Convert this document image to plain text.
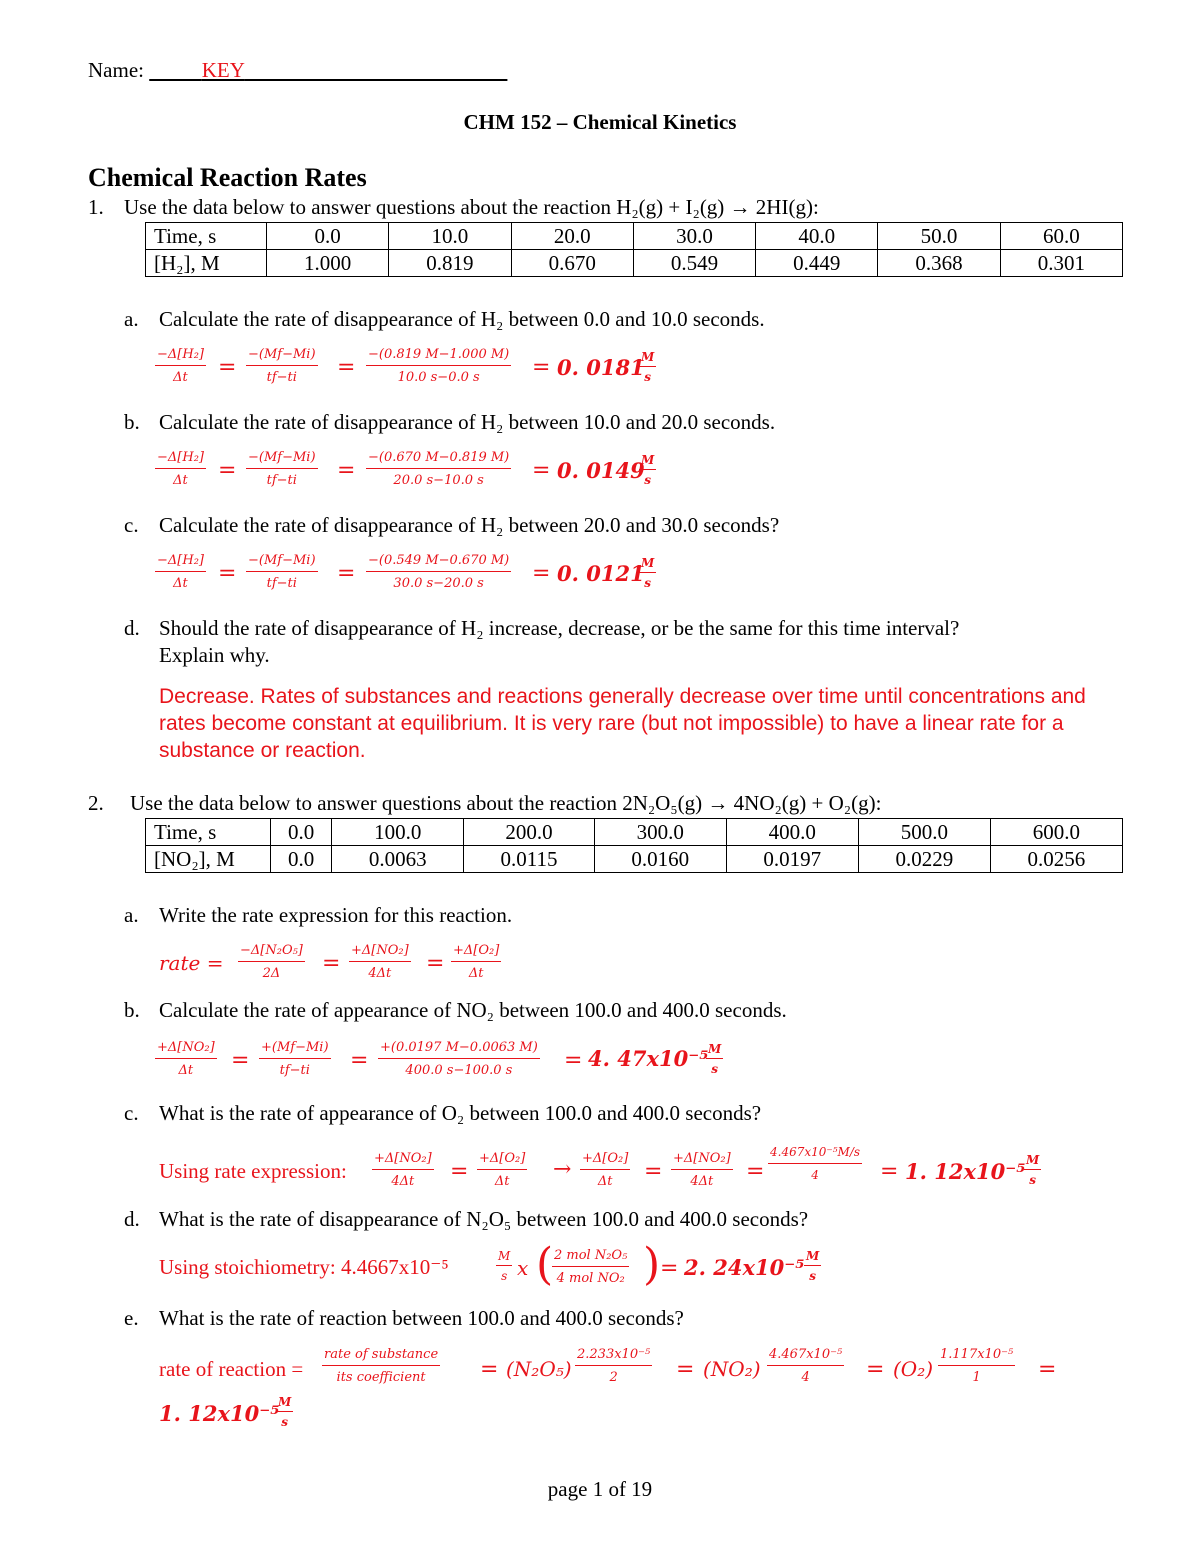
Name:	KEY
CHM 152 – Chemical Kinetics
Chemical Reaction Rates
1. Use the data below to answer questions about the reaction H₂(g) + I₂(g) → 2HI(g):
Time, s	0.0	10.0	20.0	30.0	40.0	50.0	60.0
[H₂], M	1.000	0.819	0.670	0.549	0.449	0.368	0.301
a. Calculate the rate of disappearance of H₂ between 0.0 and 10.0 seconds.
$\frac{\text{−Δ[H₂]}}{\Delta t}$ =
−(M𝑓−M𝑖)
t𝑓−t𝑖 = $\frac{-(0.819 M-1.000 M)}{10.0 s-0.0 s} = 0$. 0181
$\frac{M}{s}$
b. Calculate the rate of disappearance of H₂ between 10.0 and 20.0 seconds.
$\frac{\text{−Δ[H₂]}}{\Delta t}$ =
−(M𝑓−M𝑖)
t𝑓−t𝑖 = $\frac{-(0.670 M-0.819 M)}{20.0 s-10.0 s} = 0$. 0149
$\frac{M}{s}$
c. Calculate the rate of disappearance of H₂ between 20.0 and 30.0 seconds?
$\frac{\text{−Δ[H₂]}}{\Delta t}$ =
−(M𝑓−M𝑖)
t𝑓−t𝑖 = $\frac{-(0.549 M-0.670 M)}{30.0 s-20.0 s} = 0$. 0121
$\frac{M}{s}$
d. Should the rate of disappearance of H₂ increase, decrease, or be the same for this time interval?
Explain why.
Decrease. Rates of substances and reactions generally decrease over time until concentrations and rates become constant at equilibrium. It is very rare (but not impossible) to have a linear rate for a substance or reaction.
2. Use the data below to answer questions about the reaction 2N₂O₅(g) → 4NO₂(g) + O₂(g):
Time, s	0.0	100.0	200.0	300.0	400.0	500.0	600.0
[NO₂], M	0.0	0.0063	0.0115	0.0160	0.0197	0.0229	0.0256
a. Write the rate expression for this reaction.
rate = $\frac{\text{−Δ[N₂O₅]}}{2\Delta} = \frac{\text{+Δ[NO₂]}}{4\Delta t} = \frac{\text{+Δ[O₂]}}{\Delta t}$
b. Calculate the rate of appearance of NO₂ between 100.0 and 400.0 seconds.
$\frac{\text{+Δ[NO₂]}}{\Delta t}$ =
+(M𝑓−M𝑖)
t𝑓−t𝑖 = $\frac{+(0.0197 M-0.0063 M)}{400.0 s-100.0 s} = 4$. 47x10⁻⁵
$\frac{M}{s}$
c. What is the rate of appearance of O₂ between 100.0 and 400.0 seconds?
Using rate expression: $\frac{\text{+Δ[NO₂]}}{4\Delta t} = \frac{\text{+Δ[O₂]}}{\Delta t} \to \frac{\text{+Δ[O₂]}}{\Delta t} = \frac{\text{+Δ[NO₂]}}{4\Delta t} = \frac{\text{4.467x10⁻⁵M/s}}{4} = 1$. 12x10⁻⁵
$\frac{M}{s}$
d. What is the rate of disappearance of N₂O₅ between 100.0 and 400.0 seconds?
Using stoichiometry: 4.4667x10⁻⁵	$\frac{M}{s}$ x ( 2 mol N₂O₅
4 mol NO₂ ) = 2. $24x10^{-5} \frac{M}{s}$
e. What is the rate of reaction between 100.0 and 400.0 seconds?
rate of reaction =
rate of substance
its coefficient = $(N_2O_5) \frac{\text{2.233x10⁻⁵}}{2} = (NO_2) \frac{\text{4.467x10⁻⁵}}{4} = (O_2) \frac{\text{1.117x10⁻⁵}}{1}$ =
1. 12x10⁻⁵
$\frac{M}{s}$
page 1 of 19
